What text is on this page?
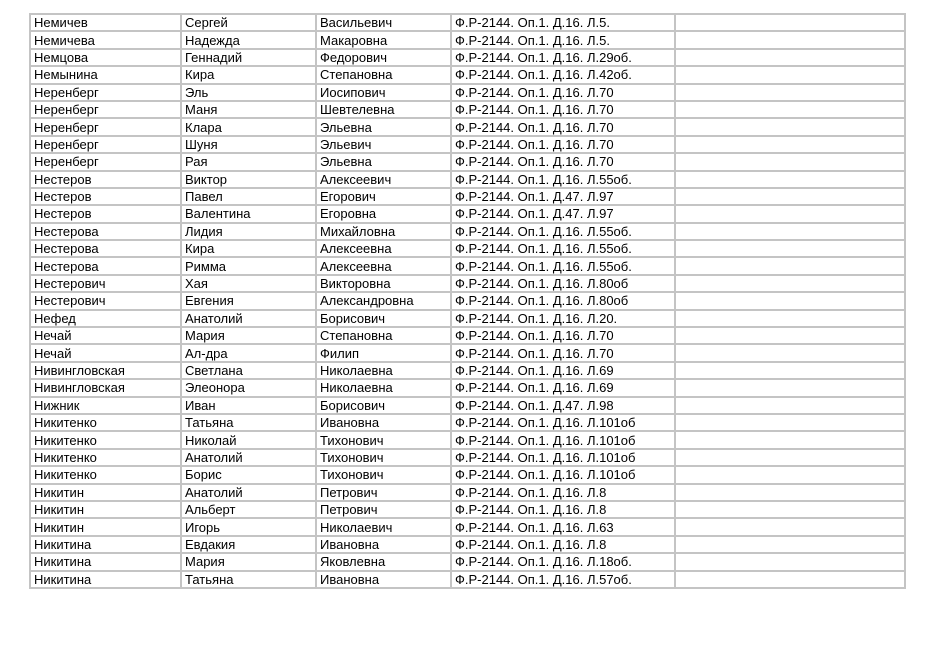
Немичев	Сергей	Васильевич	Ф.Р-2144. Оп.1. Д.16. Л.5.	
Немичева	Надежда	Макаровна	Ф.Р-2144. Оп.1. Д.16. Л.5.	
Немцова	Геннадий	Федорович	Ф.Р-2144. Оп.1. Д.16. Л.29об.	
Немынина	Кира	Степановна	Ф.Р-2144. Оп.1. Д.16. Л.42об.	
Неренберг	Эль	Иосипович	Ф.Р-2144. Оп.1. Д.16. Л.70	
Неренберг	Маня	Шевтелевна	Ф.Р-2144. Оп.1. Д.16. Л.70	
Неренберг	Клара	Эльевна	Ф.Р-2144. Оп.1. Д.16. Л.70	
Неренберг	Шуня	Эльевич	Ф.Р-2144. Оп.1. Д.16. Л.70	
Неренберг	Рая	Эльевна	Ф.Р-2144. Оп.1. Д.16. Л.70	
Нестеров	Виктор	Алексеевич	Ф.Р-2144. Оп.1. Д.16. Л.55об.	
Нестеров	Павел	Егорович	Ф.Р-2144. Оп.1. Д.47. Л.97	
Нестеров	Валентина	Егоровна	Ф.Р-2144. Оп.1. Д.47. Л.97	
Нестерова	Лидия	Михайловна	Ф.Р-2144. Оп.1. Д.16. Л.55об.	
Нестерова	Кира	Алексеевна	Ф.Р-2144. Оп.1. Д.16. Л.55об.	
Нестерова	Римма	Алексеевна	Ф.Р-2144. Оп.1. Д.16. Л.55об.	
Нестерович	Хая	Викторовна	Ф.Р-2144. Оп.1. Д.16. Л.80об	
Нестерович	Евгения	Александровна	Ф.Р-2144. Оп.1. Д.16. Л.80об	
Нефед	Анатолий	Борисович	Ф.Р-2144. Оп.1. Д.16. Л.20.	
Нечай	Мария	Степановна	Ф.Р-2144. Оп.1. Д.16. Л.70	
Нечай	Ал-дра	Филип	Ф.Р-2144. Оп.1. Д.16. Л.70	
Нивингловская	Светлана	Николаевна	Ф.Р-2144. Оп.1. Д.16. Л.69	
Нивингловская	Элеонора	Николаевна	Ф.Р-2144. Оп.1. Д.16. Л.69	
Нижник	Иван	Борисович	Ф.Р-2144. Оп.1. Д.47. Л.98	
Никитенко	Татьяна	Ивановна	Ф.Р-2144. Оп.1. Д.16. Л.101об	
Никитенко	Николай	Тихонович	Ф.Р-2144. Оп.1. Д.16. Л.101об	
Никитенко	Анатолий	Тихонович	Ф.Р-2144. Оп.1. Д.16. Л.101об	
Никитенко	Борис	Тихонович	Ф.Р-2144. Оп.1. Д.16. Л.101об	
Никитин	Анатолий	Петрович	Ф.Р-2144. Оп.1. Д.16. Л.8	
Никитин	Альберт	Петрович	Ф.Р-2144. Оп.1. Д.16. Л.8	
Никитин	Игорь	Николаевич	Ф.Р-2144. Оп.1. Д.16. Л.63	
Никитина	Евдакия	Ивановна	Ф.Р-2144. Оп.1. Д.16. Л.8	
Никитина	Мария	Яковлевна	Ф.Р-2144. Оп.1. Д.16. Л.18об.	
Никитина	Татьяна	Ивановна	Ф.Р-2144. Оп.1. Д.16. Л.57об.	
